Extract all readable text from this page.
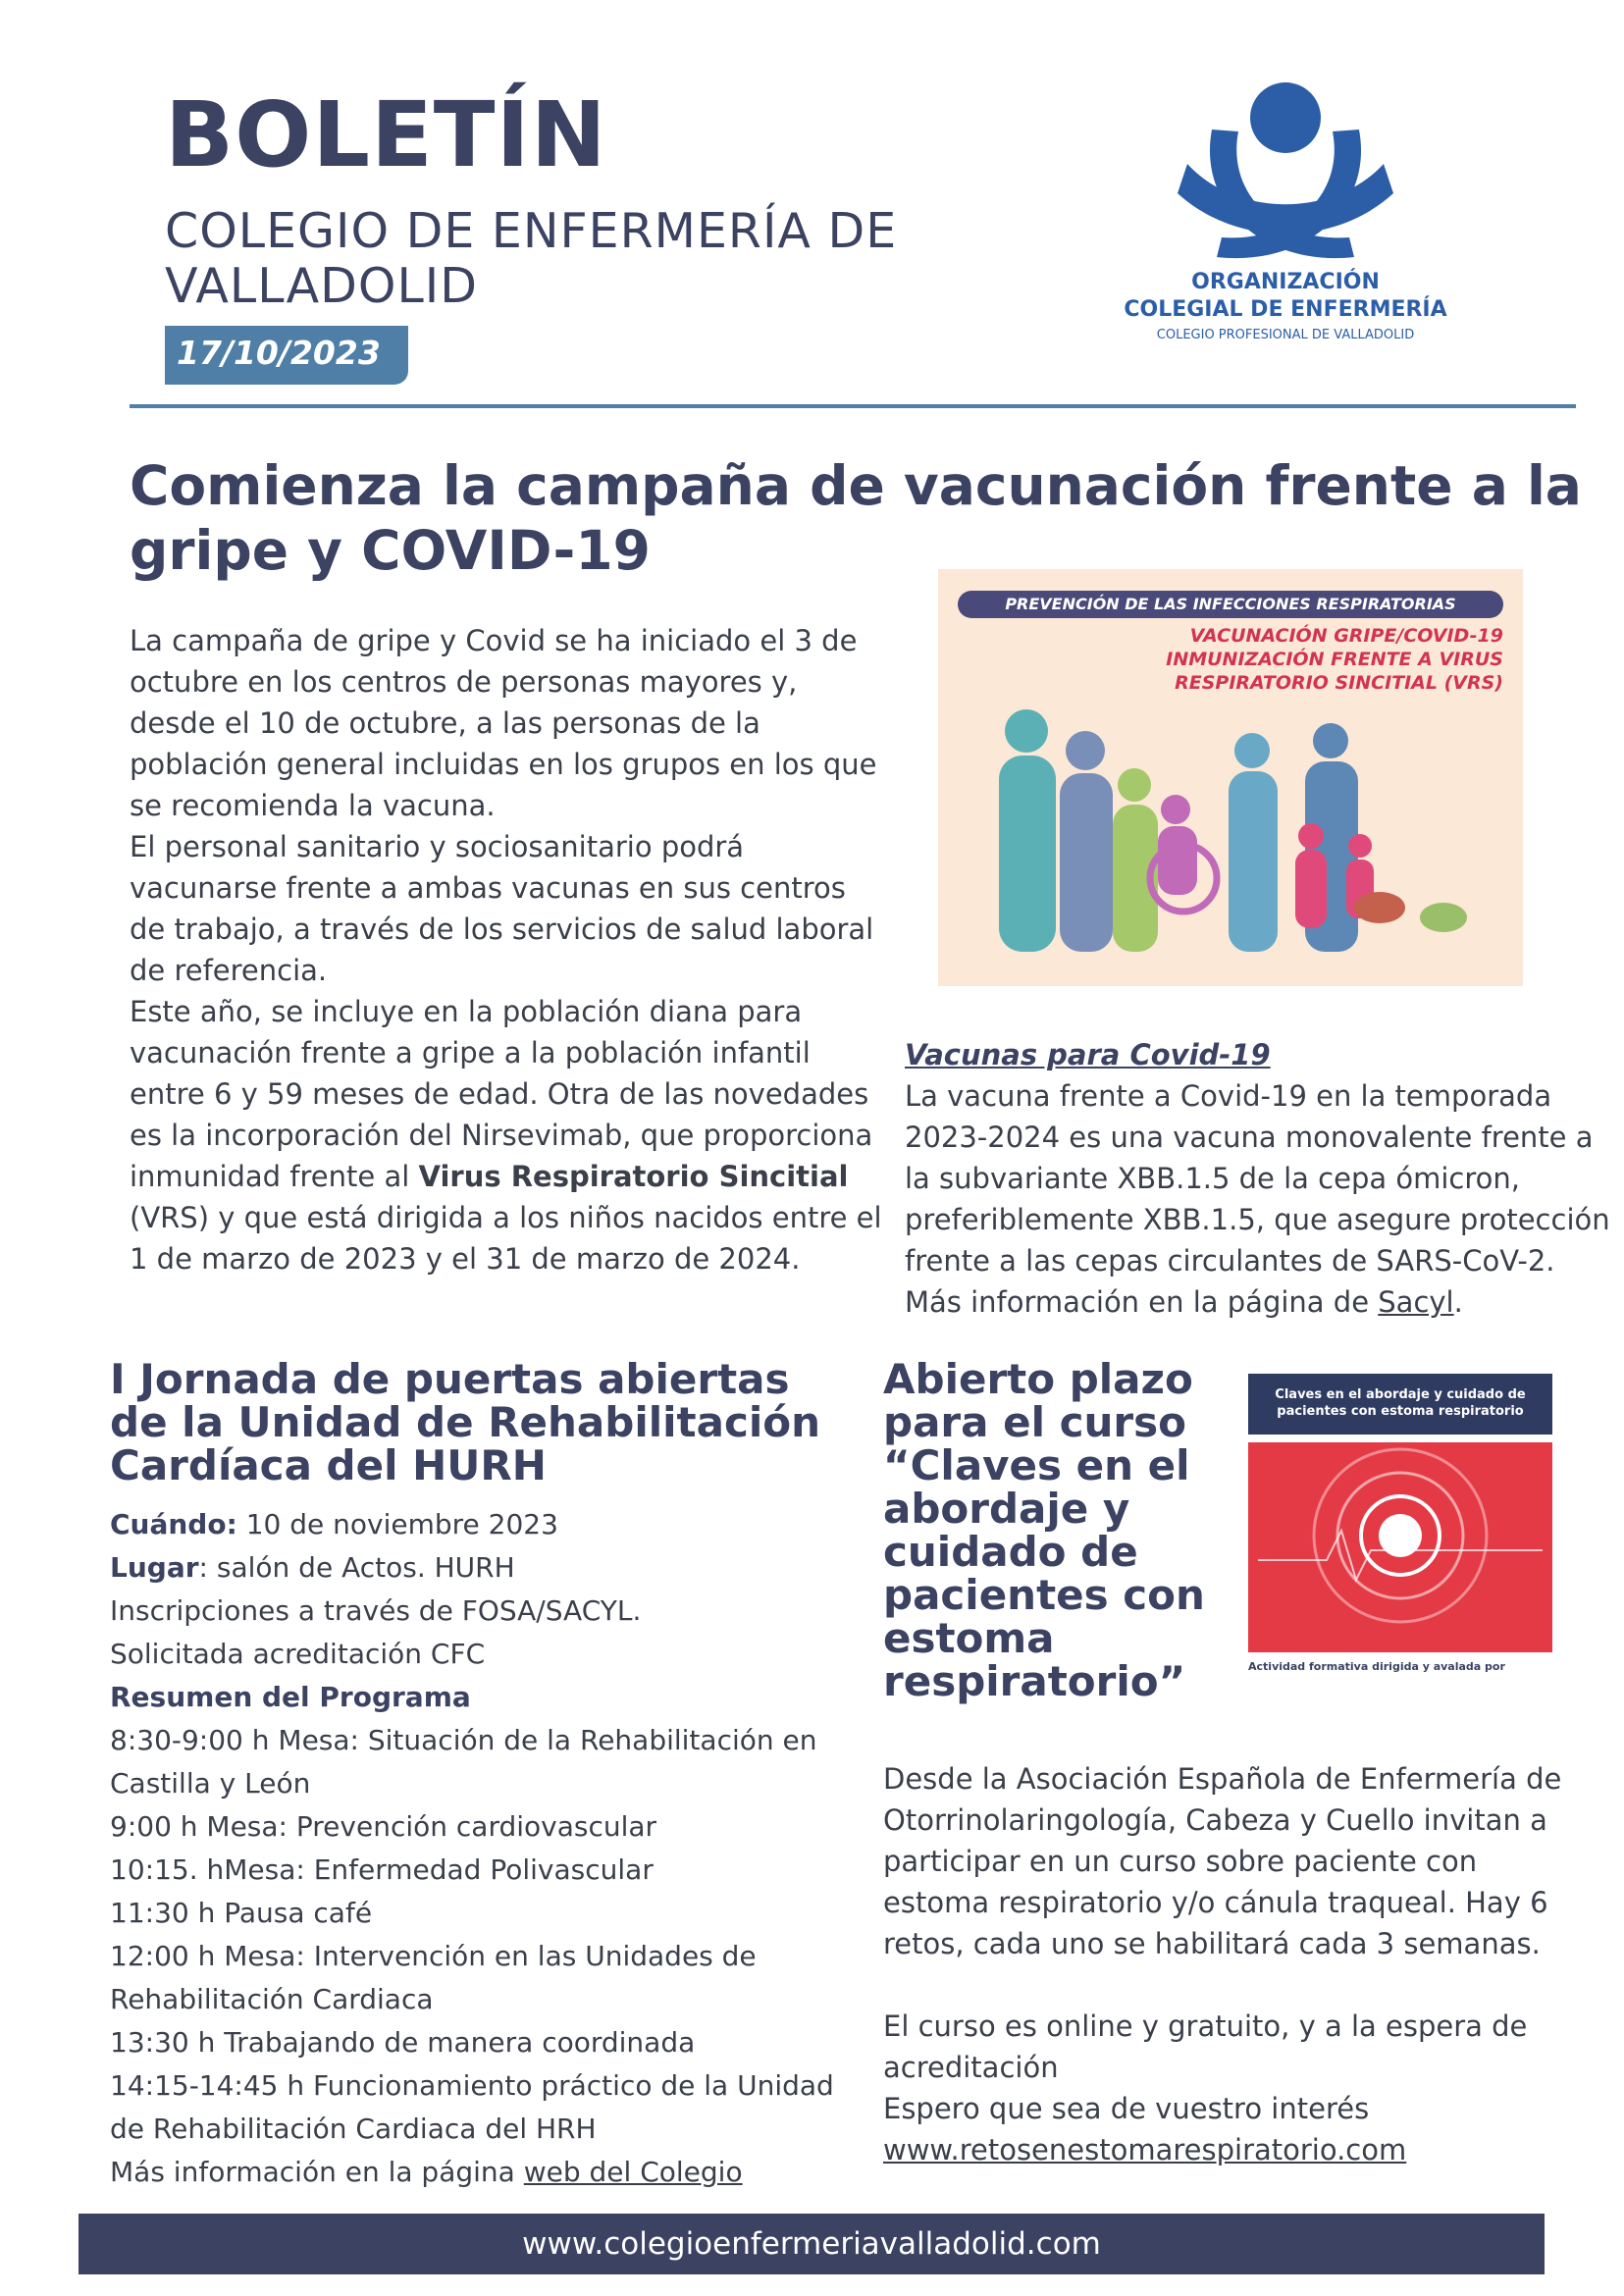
BOLETÍN
COLEGIO DE ENFERMERÍA DE VALLADOLID
17/10/2023
ORGANIZACIÓN
COLEGIAL DE ENFERMERÍA
COLEGIO PROFESIONAL DE VALLADOLID
Comienza la campaña de vacunación frente a la gripe y COVID-19

La campaña de gripe y Covid se ha iniciado el 3 de octubre en los centros de personas mayores y, desde el 10 de octubre, a las personas de la población general incluidas en los grupos en los que se recomienda la vacuna.

El personal sanitario y sociosanitario podrá vacunarse frente a ambas vacunas en sus centros de trabajo, a través de los servicios de salud laboral de referencia.

Este año, se incluye en la población diana para vacunación frente a gripe a la población infantil entre 6 y 59 meses de edad. Otra de las novedades es la incorporación del Nirsevimab, que proporciona inmunidad frente al Virus Respiratorio Sincitial (VRS) y que está dirigida a los niños nacidos entre el 1 de marzo de 2023 y el 31 de marzo de 2024.

PREVENCIÓN DE LAS INFECCIONES RESPIRATORIAS
VACUNACIÓN GRIPE/COVID-19 INMUNIZACIÓN FRENTE A VIRUS RESPIRATORIO SINCITIAL (VRS)
Vacunas para Covid-19
La vacuna frente a Covid-19 en la temporada 2023-2024 es una vacuna monovalente frente a la subvariante XBB.1.5 de la cepa ómicron, preferiblemente XBB.1.5, que asegure protección frente a las cepas circulantes de SARS-CoV-2.
Más información en la página de Sacyl.
I Jornada de puertas abiertas de la Unidad de Rehabilitación Cardíaca del HURH
Cuándo: 10 de noviembre 2023
Lugar: salón de Actos. HURH
Inscripciones a través de FOSA/SACYL.
Solicitada acreditación CFC
Resumen del Programa
8:30-9:00 h Mesa: Situación de la Rehabilitación en Castilla y León
9:00 h Mesa: Prevención cardiovascular
10:15. hMesa: Enfermedad Polivascular
11:30 h Pausa café
12:00 h Mesa: Intervención en las Unidades de Rehabilitación Cardiaca
13:30 h Trabajando de manera coordinada
14:15-14:45 h Funcionamiento práctico de la Unidad de Rehabilitación Cardiaca del HRH
Más información en la página web del Colegio
Abierto plazo para el curso “Claves en el abordaje y cuidado de pacientes con estoma respiratorio”
Claves en el abordaje y cuidado de pacientes con estoma respiratorio
Actividad formativa dirigida y avalada por

Desde la Asociación Española de Enfermería de Otorrinolaringología, Cabeza y Cuello invitan a participar en un curso sobre paciente con estoma respiratorio y/o cánula traqueal. Hay 6 retos, cada uno se habilitará cada 3 semanas.

El curso es online y gratuito, y a la espera de acreditación
Espero que sea de vuestro interés
www.retosenestomarespiratorio.com
www.colegioenfermeriavalladolid.com
